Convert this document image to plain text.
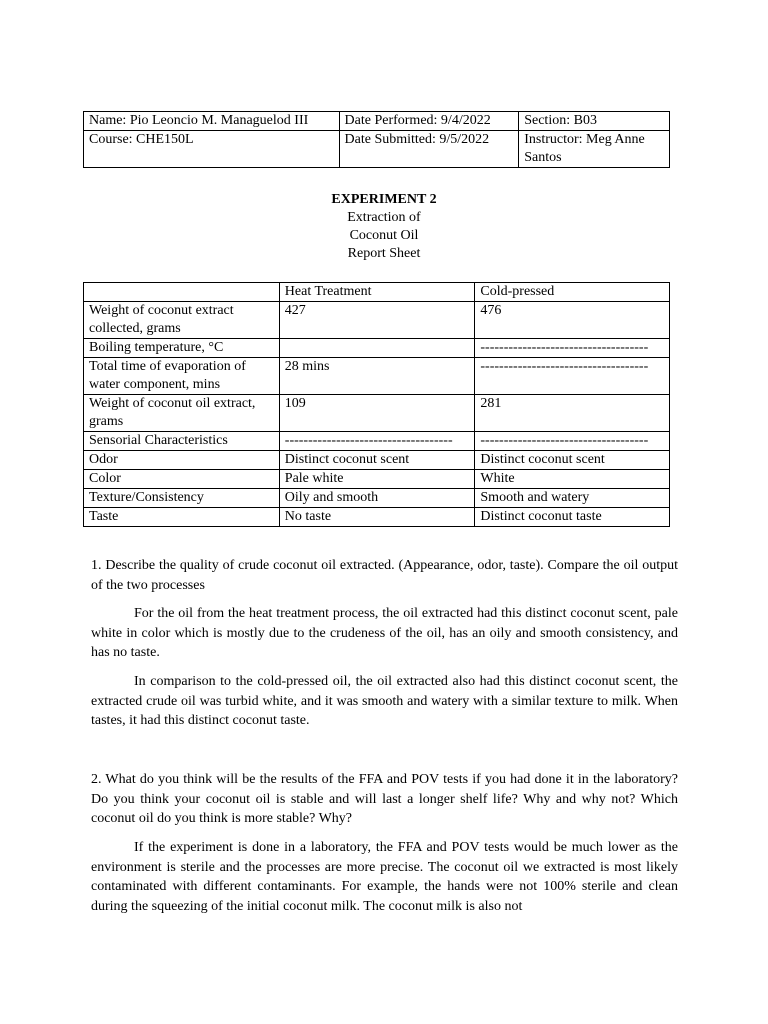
Name: Pio Leoncio M. Managuelod III	Date Performed: 9/4/2022	Section: B03
Course: CHE150L	Date Submitted: 9/5/2022	Instructor: Meg Anne Santos
EXPERIMENT 2
Extraction of
Coconut Oil
Report Sheet
	Heat Treatment	Cold-pressed
Weight of coconut extract collected, grams	427	476
Boiling temperature, °C		------------------------------------
Total time of evaporation of water component, mins	28 mins	------------------------------------
Weight of coconut oil extract, grams	109	281
Sensorial Characteristics	------------------------------------	------------------------------------
Odor	Distinct coconut scent	Distinct coconut scent
Color	Pale white	White
Texture/Consistency	Oily and smooth	Smooth and watery
Taste	No taste	Distinct coconut taste
1. Describe the quality of crude coconut oil extracted. (Appearance, odor, taste). Compare the oil output of the two processes
For the oil from the heat treatment process, the oil extracted had this distinct coconut scent, pale white in color which is mostly due to the crudeness of the oil, has an oily and smooth consistency, and has no taste.
In comparison to the cold-pressed oil, the oil extracted also had this distinct coconut scent, the extracted crude oil was turbid white, and it was smooth and watery with a similar texture to milk. When tastes, it had this distinct coconut taste.
2. What do you think will be the results of the FFA and POV tests if you had done it in the laboratory? Do you think your coconut oil is stable and will last a longer shelf life? Why and why not? Which coconut oil do you think is more stable? Why?
If the experiment is done in a laboratory, the FFA and POV tests would be much lower as the environment is sterile and the processes are more precise. The coconut oil we extracted is most likely contaminated with different contaminants. For example, the hands were not 100% sterile and clean during the squeezing of the initial coconut milk. The coconut milk is also not
